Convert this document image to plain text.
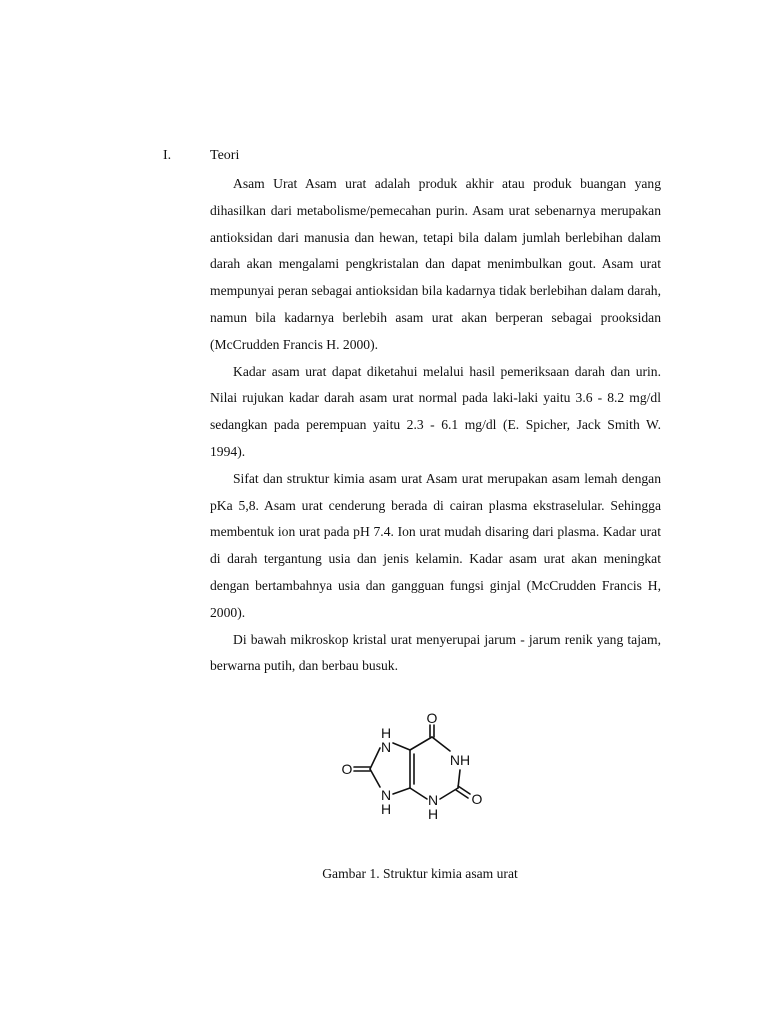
I.	Teori

Asam Urat Asam urat adalah produk akhir atau produk buangan yang dihasilkan dari metabolisme/pemecahan purin. Asam urat sebenarnya merupakan antioksidan dari manusia dan hewan, tetapi bila dalam jumlah berlebihan dalam darah akan mengalami pengkristalan dan dapat menimbulkan gout. Asam urat mempunyai peran sebagai antioksidan bila kadarnya tidak berlebihan dalam darah, namun bila kadarnya berlebih asam urat akan berperan sebagai prooksidan (McCrudden Francis H. 2000).

Kadar asam urat dapat diketahui melalui hasil pemeriksaan darah dan urin. Nilai rujukan kadar darah asam urat normal pada laki-laki yaitu 3.6 - 8.2 mg/dl sedangkan pada perempuan yaitu 2.3 - 6.1 mg/dl (E. Spicher, Jack Smith W. 1994).

Sifat dan struktur kimia asam urat Asam urat merupakan asam lemah dengan pKa 5,8. Asam urat cenderung berada di cairan plasma ekstraselular. Sehingga membentuk ion urat pada pH 7.4. Ion urat mudah disaring dari plasma. Kadar urat di darah tergantung usia dan jenis kelamin. Kadar asam urat akan meningkat dengan bertambahnya usia dan gangguan fungsi ginjal (McCrudden Francis H, 2000).

Di bawah mikroskop kristal urat menyerupai jarum - jarum renik yang tajam, berwarna putih, dan berbau busuk.

O
NH
O
N
H
N
H
O
N
H
Gambar 1. Struktur kimia asam urat
